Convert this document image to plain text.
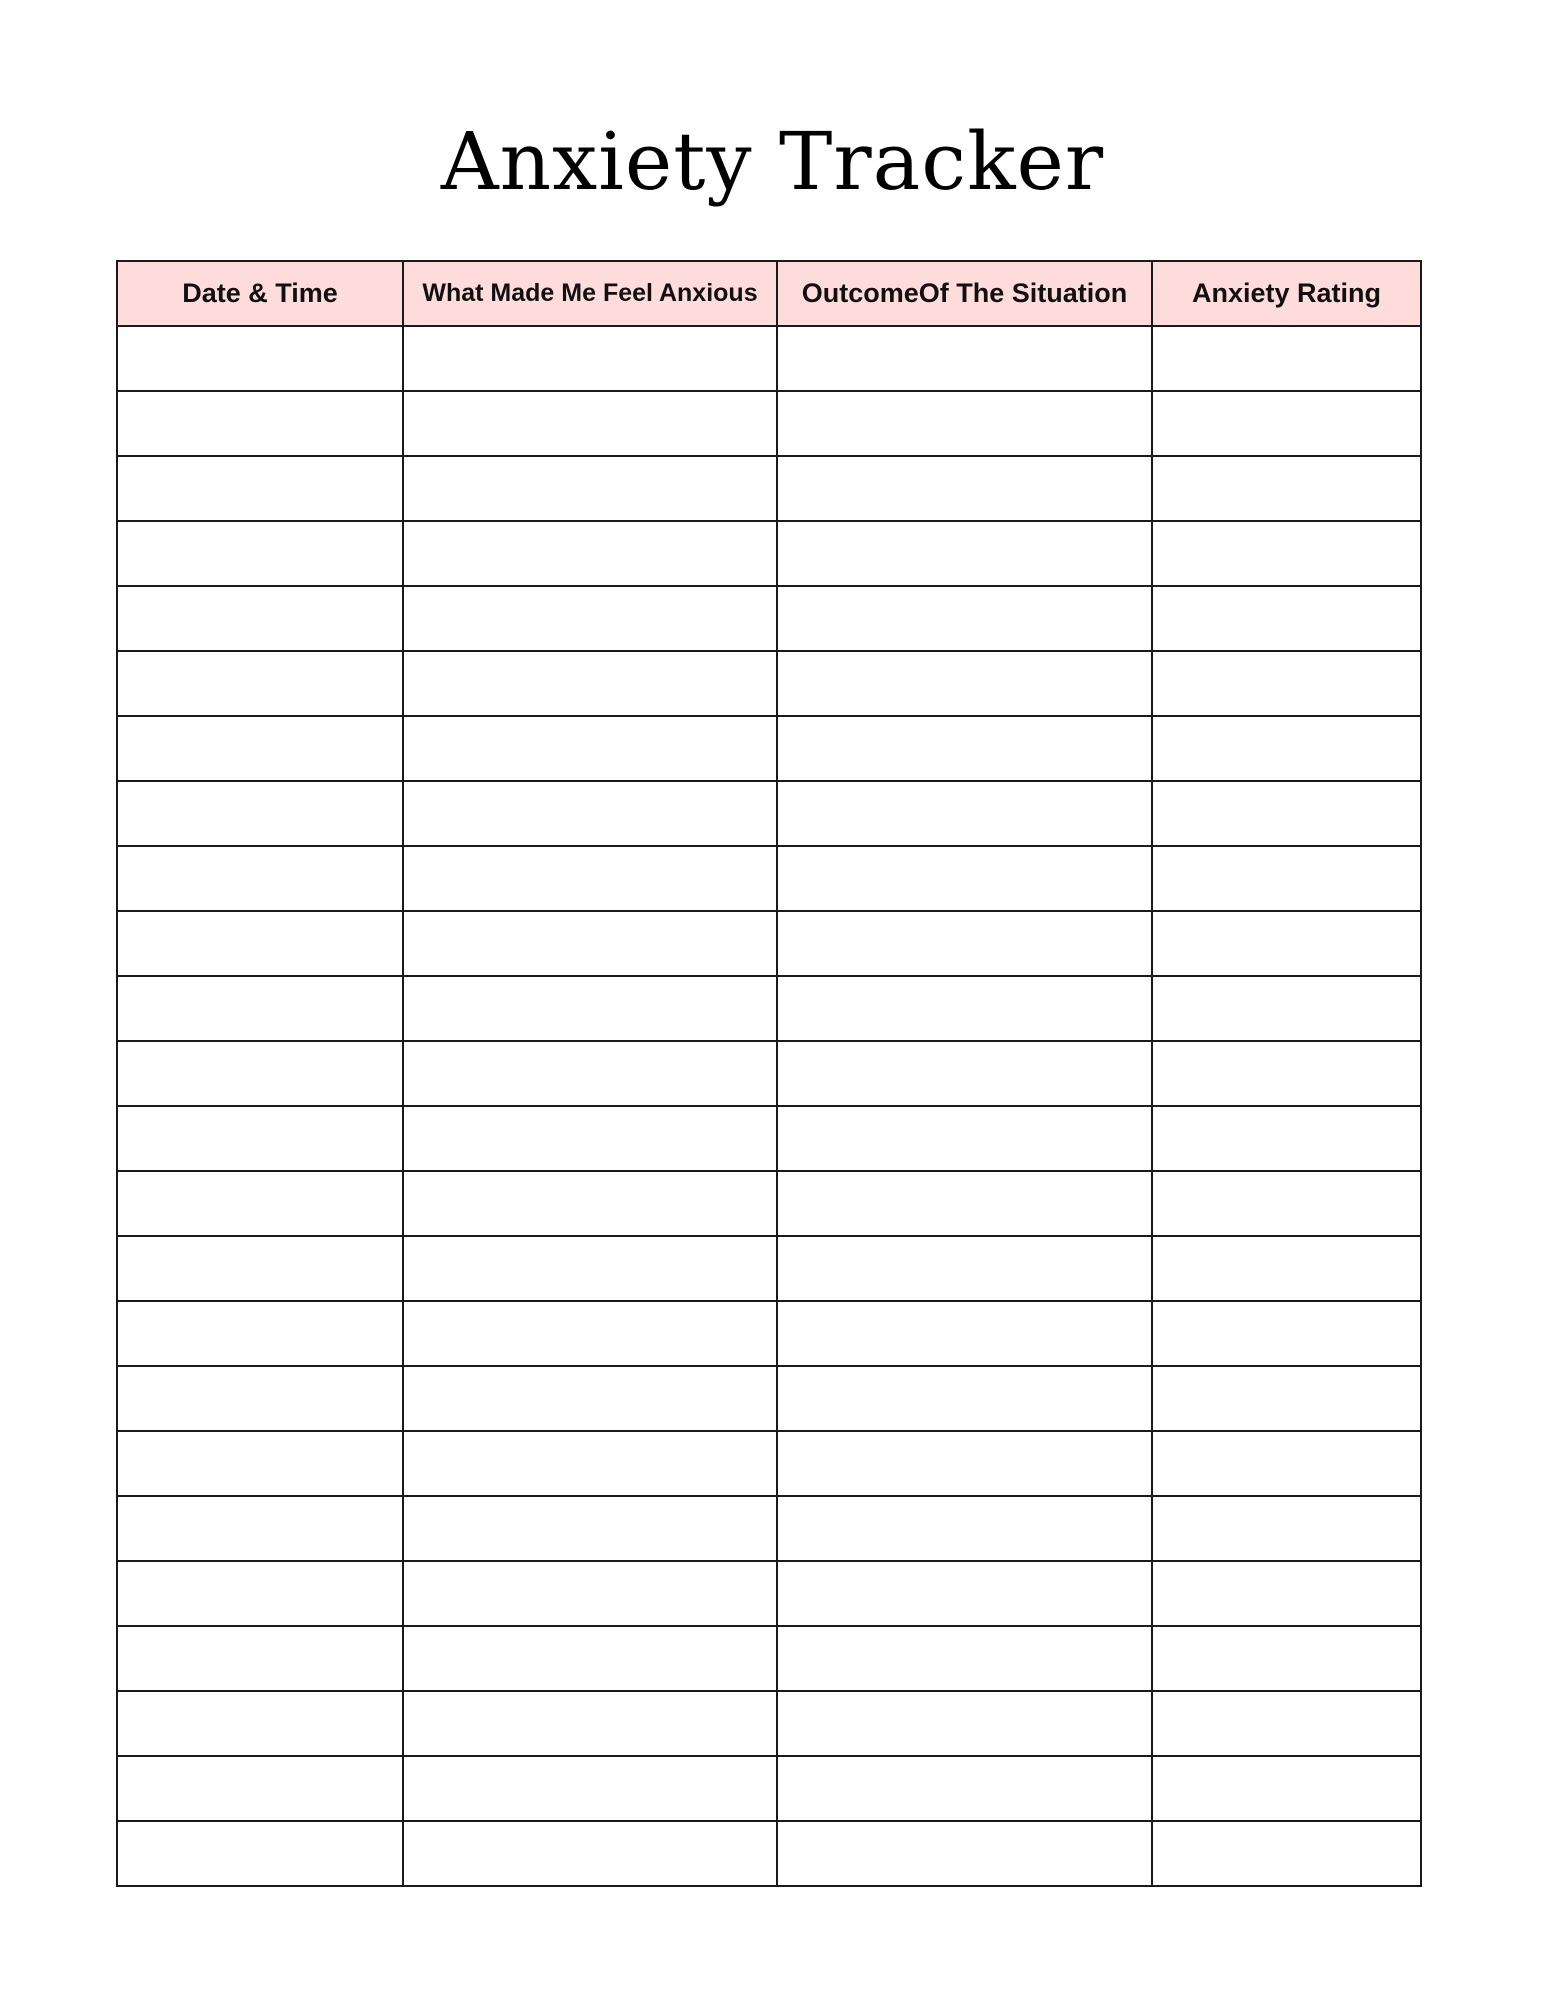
Anxiety Tracker
Date & Time	What Made Me Feel Anxious	OutcomeOf The Situation	Anxiety Rating
